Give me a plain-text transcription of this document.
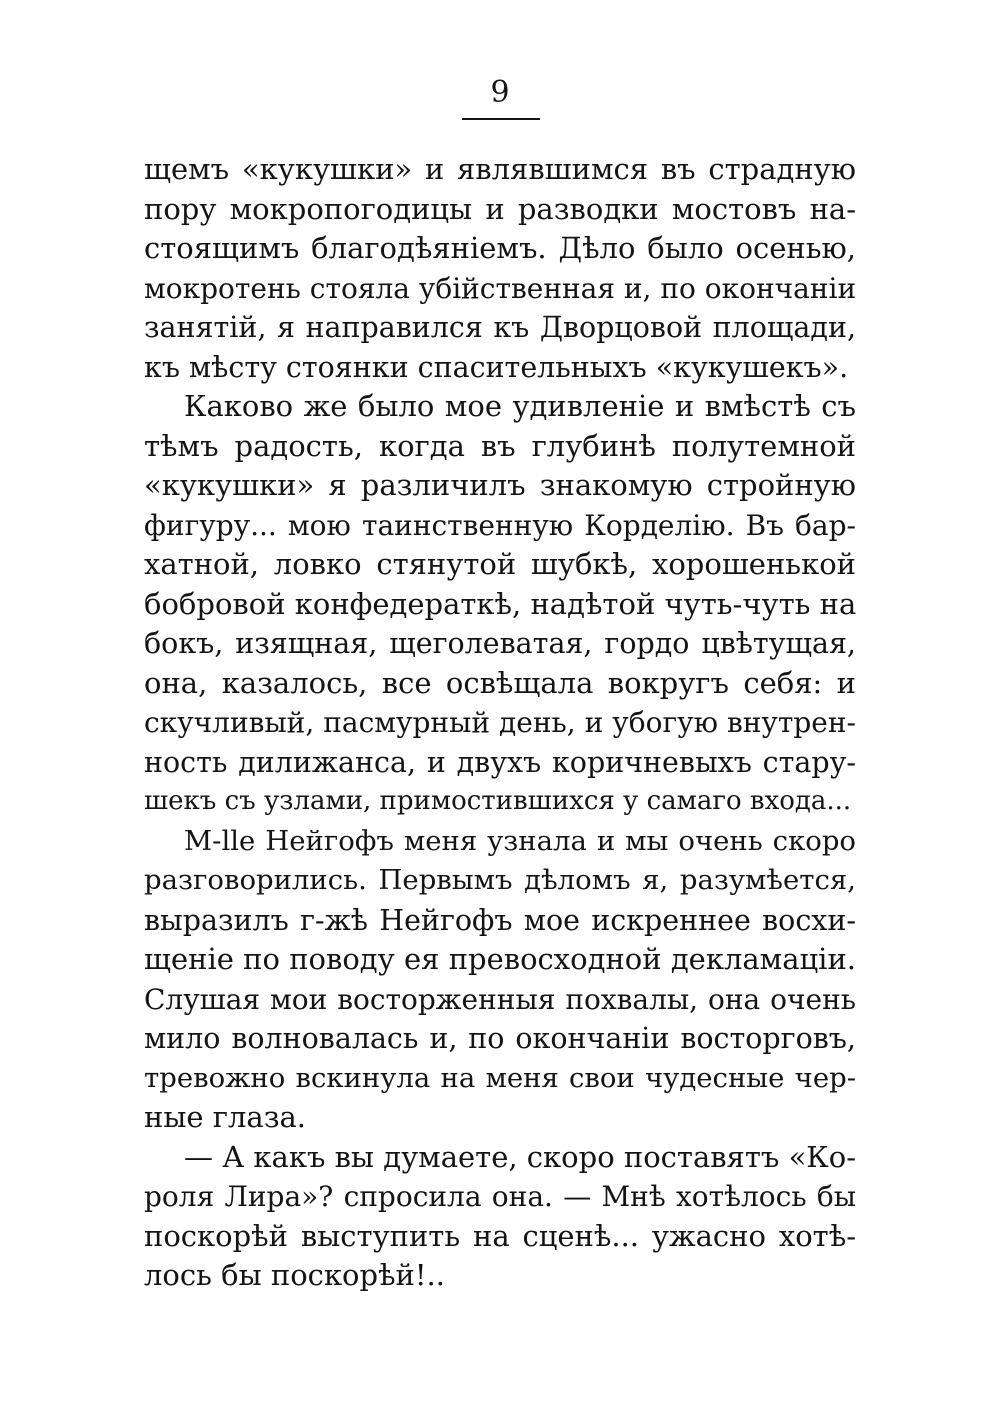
9
щемъ «кукушки» и являвшимся въ страдную
пору мокропогодицы и разводки мостовъ на-
стоящимъ благодѣяніемъ. Дѣло было осенью,
мокротень стояла убійственная и, по окончаніи
занятій, я направился къ Дворцовой площади,
къ мѣсту стоянки спасительныхъ «кукушекъ».
Каково же было мое удивленіе и вмѣстѣ съ
тѣмъ радость, когда въ глубинѣ полутемной
«кукушки» я различилъ знакомую стройную
фигуру... мою таинственную Корделію. Въ бар-
хатной, ловко стянутой шубкѣ, хорошенькой
бобровой конфедераткѣ, надѣтой чуть-чуть на
бокъ, изящная, щеголеватая, гордо цвѣтущая,
она, казалось, все освѣщала вокругъ себя: и
скучливый, пасмурный день, и убогую внутрен-
ность дилижанса, и двухъ коричневыхъ стару-
шекъ съ узлами, примостившихся у самаго входа...
М-lle Нейгофъ меня узнала и мы очень скоро
разговорились. Первымъ дѣломъ я, разумѣется,
выразилъ г-жѣ Нейгофъ мое искреннее восхи-
щеніе по поводу ея превосходной декламаціи.
Слушая мои восторженныя похвалы, она очень
мило волновалась и, по окончаніи восторговъ,
тревожно вскинула на меня свои чудесные чер-
ные глаза.
— А какъ вы думаете, скоро поставятъ «Ко-
роля Лира»? спросила она. — Мнѣ хотѣлось бы
поскорѣй выступить на сценѣ... ужасно хотѣ-
лось бы поскорѣй!..
